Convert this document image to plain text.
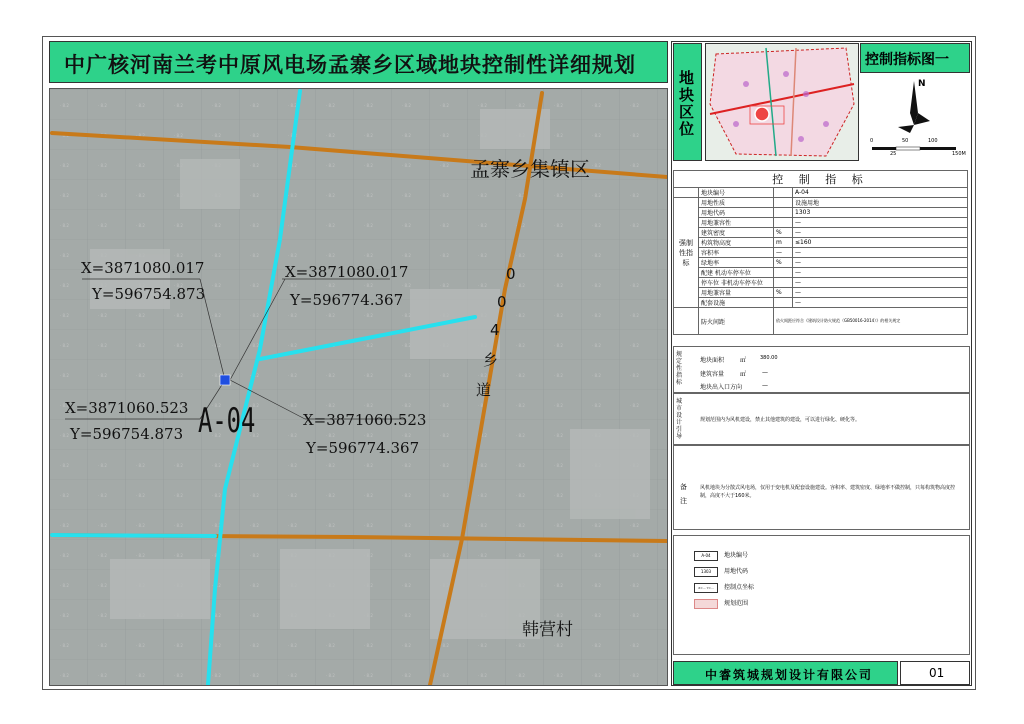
中广核河南兰考中原风电场孟寨乡区域地块控制性详细规划
孟寨乡集镇区
韩营村
0
0
4
乡
道
A-04
X=3871080.017
Y=596754.873
X=3871080.017
Y=596774.367
X=3871060.523
Y=596754.873
X=3871060.523
Y=596774.367
地块区位
控制指标图一
N
0
25
50	100
150M
控 制 指 标			
	地块编号		A-04
强制性指标	用地性质		设施用地
	用地代码		1303
	用地兼容性		—
	建筑密度	%	—
	构筑物高度	m	≤160
	容积率	—	—
	绿地率	%	—
	配建 机动车停车位		—
	停车位 非机动车停车位		—
	用地兼容量	%	—
	配套设施		—
	防火间距	依火间距应符合《建筑设计防火规范（GB50016-2014）》的相关规定	
规定性指标
地块面积	㎡	380.00
建筑容量	㎡	—
地块出入口方向	—
城市设计引导
规划范围内为风机建设，禁止其他建筑的建设，可以进行绿化、硬化等。
备注
风机地块为分散式风电场，仅用于变电机及配套设施建设。容积率、建筑密度、绿地率不做控制，只每构筑物高度控制，高度不大于160米。
A-04 地块编号
1303 用地代码
X=... Y=... 控制点坐标
规划范围
中睿筑城规划设计有限公司	01
